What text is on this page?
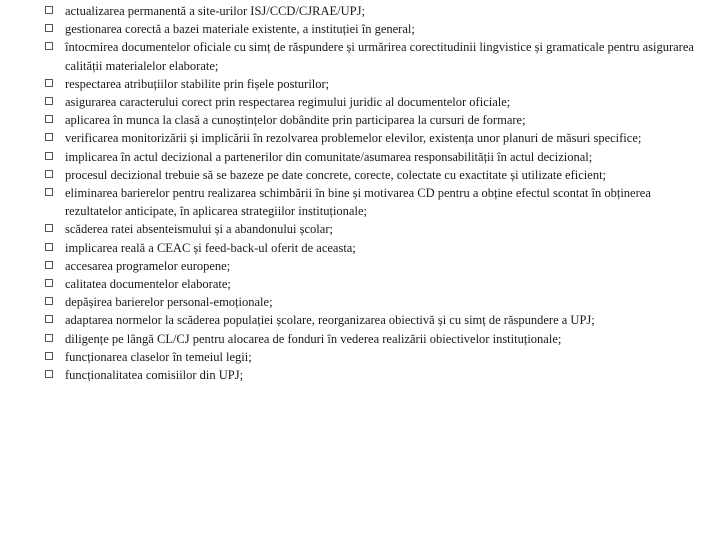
actualizarea permanentă a site-urilor ISJ/CCD/CJRAE/UPJ;
gestionarea corectă a bazei materiale existente, a instituției în general;
întocmirea documentelor oficiale cu simț de răspundere și urmărirea corectitudinii lingvistice și gramaticale pentru asigurarea calității materialelor elaborate;
respectarea atribuțiilor stabilite prin fișele posturilor;
asigurarea caracterului corect prin respectarea regimului juridic al documentelor oficiale;
aplicarea în munca la clasă a cunoștințelor dobândite prin participarea la cursuri de formare;
verificarea monitorizării și implicării în rezolvarea problemelor elevilor, existența unor planuri de măsuri specifice;
implicarea în actul decizional a partenerilor din comunitate/asumarea responsabilității în actul decizional;
procesul decizional trebuie să se bazeze pe date concrete, corecte, colectate cu exactitate și utilizate eficient;
eliminarea barierelor pentru realizarea schimbării în bine și motivarea CD pentru a obține efectul scontat în obținerea rezultatelor anticipate, în aplicarea strategiilor instituționale;
scăderea ratei absenteismului și a abandonului școlar;
implicarea reală a CEAC și feed-back-ul oferit de aceasta;
accesarea programelor europene;
calitatea documentelor elaborate;
depășirea barierelor personal-emoționale;
adaptarea normelor la scăderea populației școlare, reorganizarea obiectivă și cu simț de răspundere a UPJ;
diligențe pe lângă CL/CJ pentru alocarea de fonduri în vederea realizării obiectivelor instituționale;
funcționarea claselor în temeiul legii;
funcționalitatea comisiilor din UPJ;
